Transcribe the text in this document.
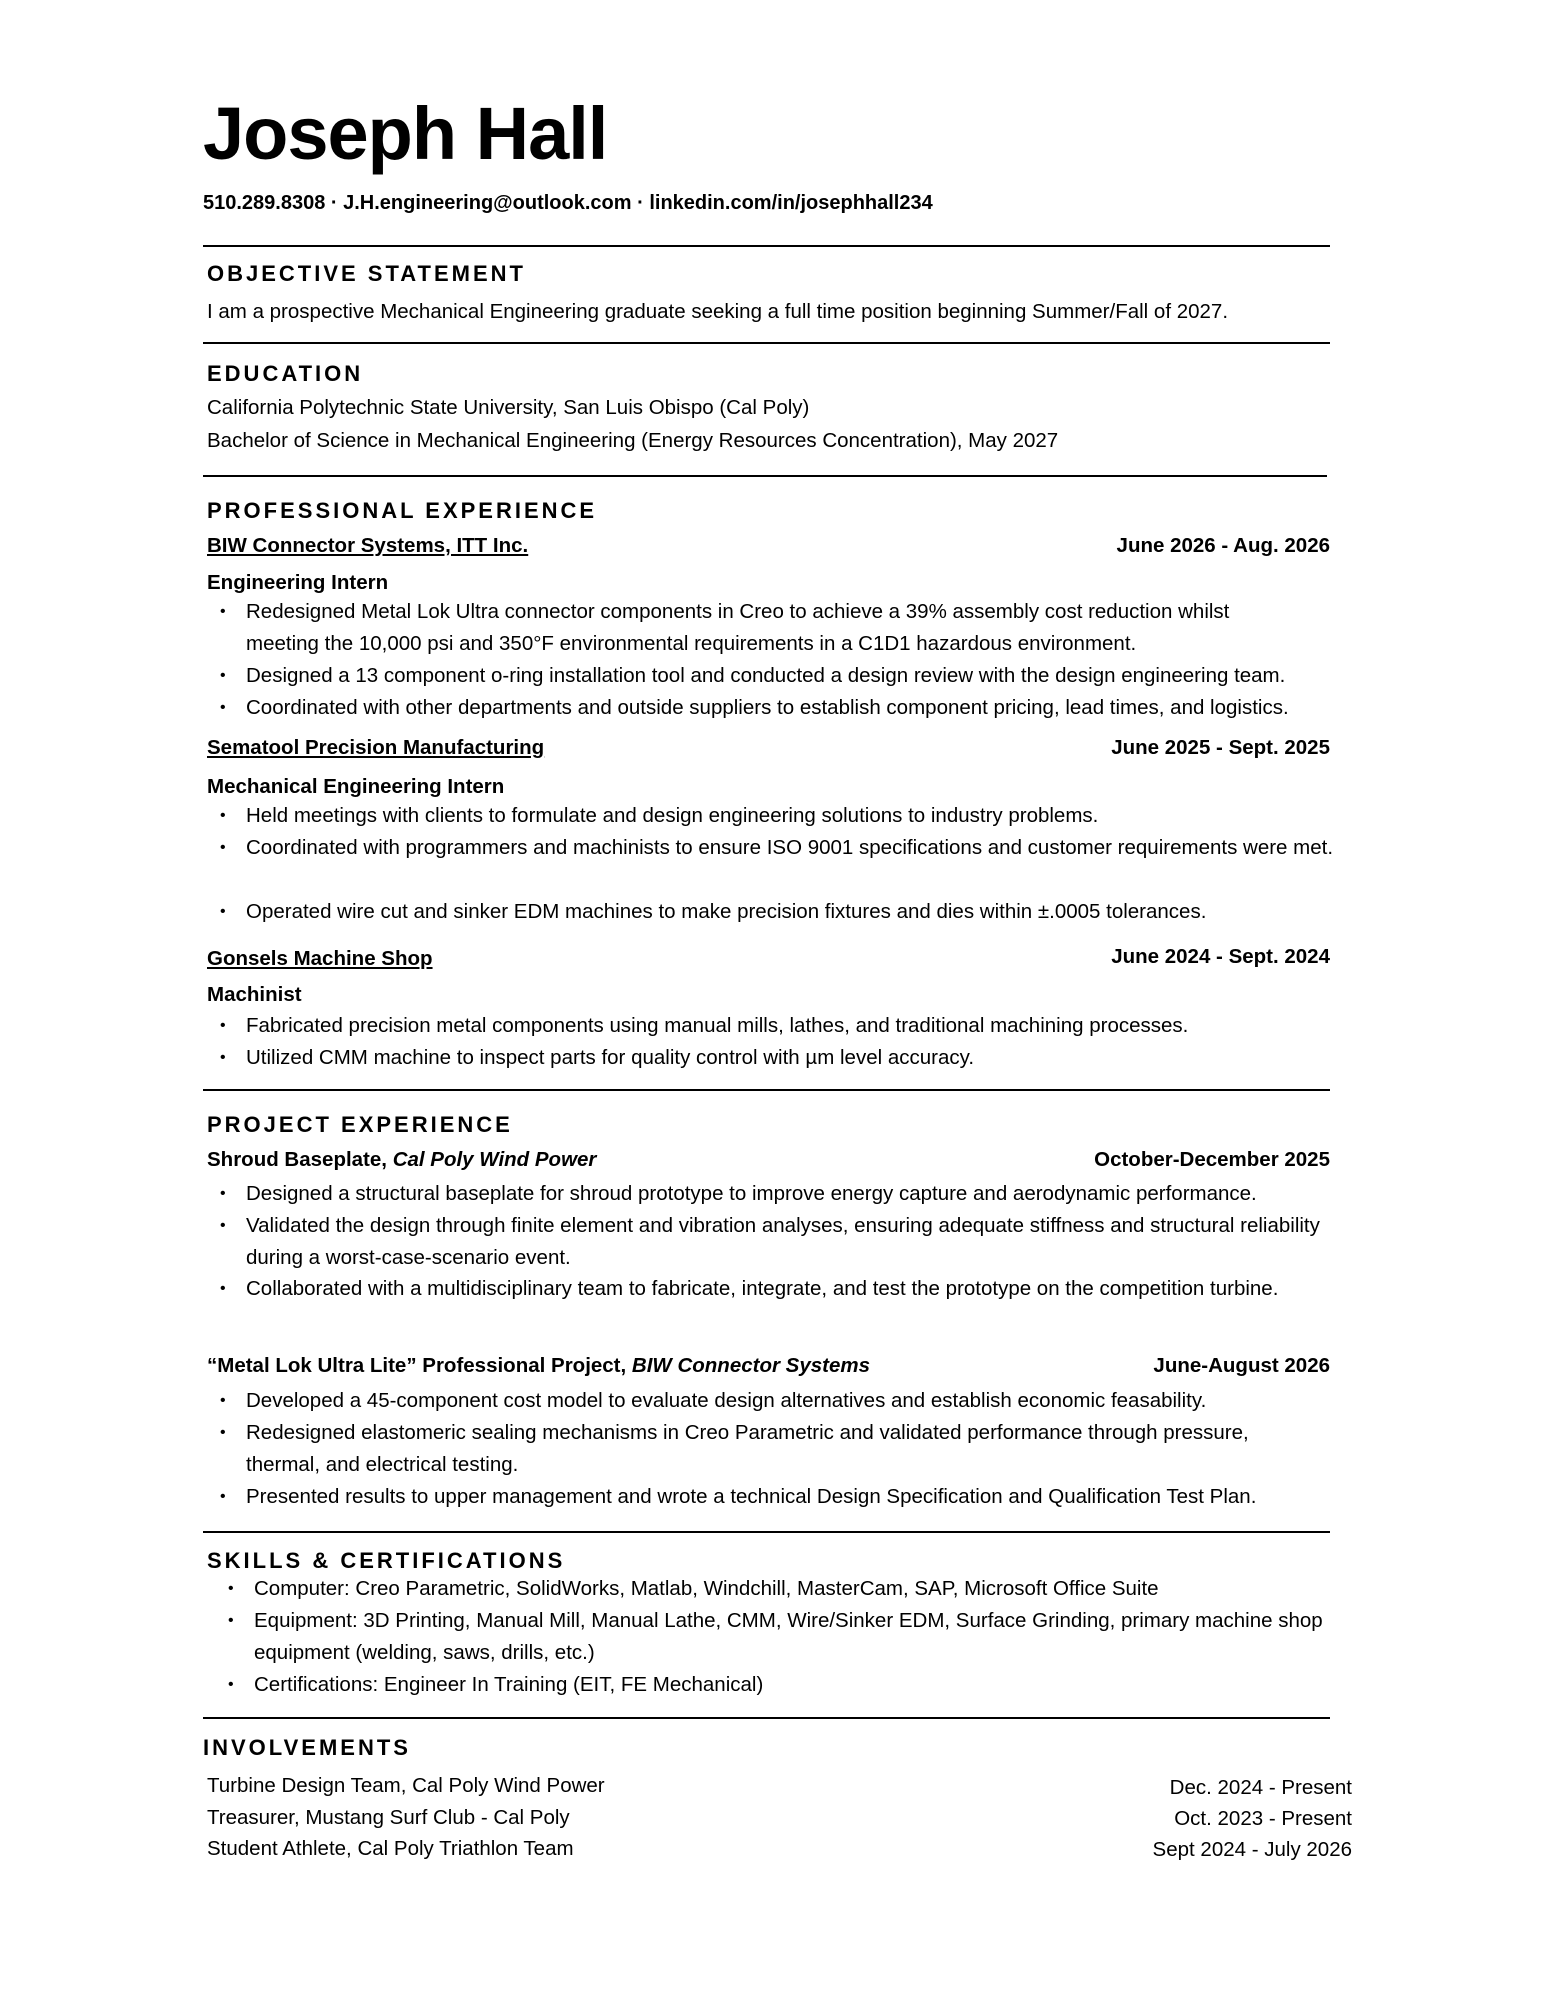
Joseph Hall
510.289.8308 · J.H.engineering@outlook.com · linkedin.com/in/josephhall234
OBJECTIVE STATEMENT
I am a prospective Mechanical Engineering graduate seeking a full time position beginning Summer/Fall of 2027.
EDUCATION
California Polytechnic State University, San Luis Obispo (Cal Poly)
Bachelor of Science in Mechanical Engineering (Energy Resources Concentration), May 2027
PROFESSIONAL EXPERIENCE
BIW Connector Systems, ITT Inc.	June 2026 - Aug. 2026
Engineering Intern
• Redesigned Metal Lok Ultra connector components in Creo to achieve a 39% assembly cost reduction whilst meeting the 10,000 psi and 350°F environmental requirements in a C1D1 hazardous environment.
• Designed a 13 component o-ring installation tool and conducted a design review with the design engineering team.
• Coordinated with other departments and outside suppliers to establish component pricing, lead times, and logistics.
Sematool Precision Manufacturing	June 2025 - Sept. 2025
Mechanical Engineering Intern
• Held meetings with clients to formulate and design engineering solutions to industry problems.
• Coordinated with programmers and machinists to ensure ISO 9001 specifications and customer requirements were met.
• Operated wire cut and sinker EDM machines to make precision fixtures and dies within ±.0005 tolerances.
Gonsels Machine Shop	June 2024 - Sept. 2024
Machinist
• Fabricated precision metal components using manual mills, lathes, and traditional machining processes.
• Utilized CMM machine to inspect parts for quality control with µm level accuracy.
PROJECT EXPERIENCE
Shroud Baseplate, Cal Poly Wind Power	October-December 2025
• Designed a structural baseplate for shroud prototype to improve energy capture and aerodynamic performance.
• Validated the design through finite element and vibration analyses, ensuring adequate stiffness and structural reliability during a worst-case-scenario event.
• Collaborated with a multidisciplinary team to fabricate, integrate, and test the prototype on the competition turbine.
“Metal Lok Ultra Lite” Professional Project, BIW Connector Systems	June-August 2026
• Developed a 45-component cost model to evaluate design alternatives and establish economic feasability.
• Redesigned elastomeric sealing mechanisms in Creo Parametric and validated performance through pressure, thermal, and electrical testing.
• Presented results to upper management and wrote a technical Design Specification and Qualification Test Plan.
SKILLS & CERTIFICATIONS
• Computer: Creo Parametric, SolidWorks, Matlab, Windchill, MasterCam, SAP, Microsoft Office Suite
• Equipment: 3D Printing, Manual Mill, Manual Lathe, CMM, Wire/Sinker EDM, Surface Grinding, primary machine shop equipment (welding, saws, drills, etc.)
• Certifications: Engineer In Training (EIT, FE Mechanical)
INVOLVEMENTS
Turbine Design Team, Cal Poly Wind Power	Dec. 2024 - Present
Treasurer, Mustang Surf Club - Cal Poly	Oct. 2023 - Present
Student Athlete, Cal Poly Triathlon Team	Sept 2024 - July 2026
